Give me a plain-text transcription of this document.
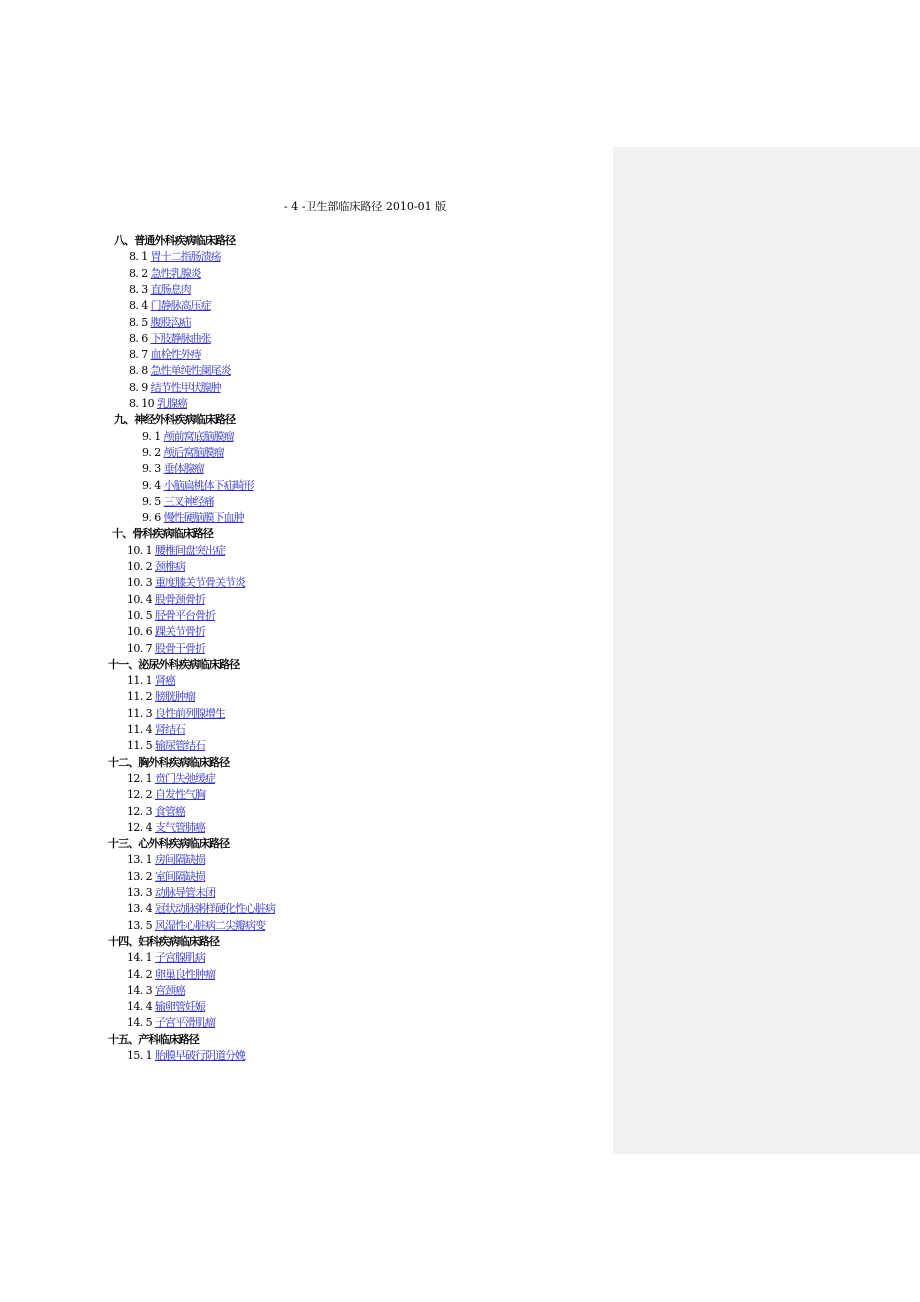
- 4 -卫生部临床路径 2010-01 版
八、普通外科疾病临床路径
8. 1 胃十二指肠溃疡
8. 2 急性乳腺炎
8. 3 直肠息肉
8. 4 门静脉高压症
8. 5 腹股沟疝
8. 6 下肢静脉曲张
8. 7 血栓性外痔
8. 8 急性单纯性阑尾炎
8. 9 结节性甲状腺肿
8. 10 乳腺癌
九、神经外科疾病临床路径
9. 1 颅前窝底脑膜瘤
9. 2 颅后窝脑膜瘤
9. 3 垂体腺瘤
9. 4 小脑扁桃体下疝畸形
9. 5 三叉神经痛
9. 6 慢性硬脑膜下血肿
十、骨科疾病临床路径
10. 1 腰椎间盘突出症
10. 2 颈椎病
10. 3 重度膝关节骨关节炎
10. 4 股骨颈骨折
10. 5 胫骨平台骨折
10. 6 踝关节骨折
10. 7 股骨干骨折
十一、泌尿外科疾病临床路径
11. 1 肾癌
11. 2 膀胱肿瘤
11. 3 良性前列腺增生
11. 4 肾结石
11. 5 输尿管结石
十二、胸外科疾病临床路径
12. 1 贲门失弛缓症
12. 2 自发性气胸
12. 3 食管癌
12. 4 支气管肺癌
十三、心外科疾病临床路径
13. 1 房间隔缺损
13. 2 室间隔缺损
13. 3 动脉导管未闭
13. 4 冠状动脉粥样硬化性心脏病
13. 5 风湿性心脏病二尖瓣病变
十四、妇科疾病临床路径
14. 1 子宫腺肌病
14. 2 卵巢良性肿瘤
14. 3 宫颈癌
14. 4 输卵管妊娠
14. 5 子宫平滑肌瘤
十五、产科临床路径
15. 1 胎膜早破行阴道分娩
